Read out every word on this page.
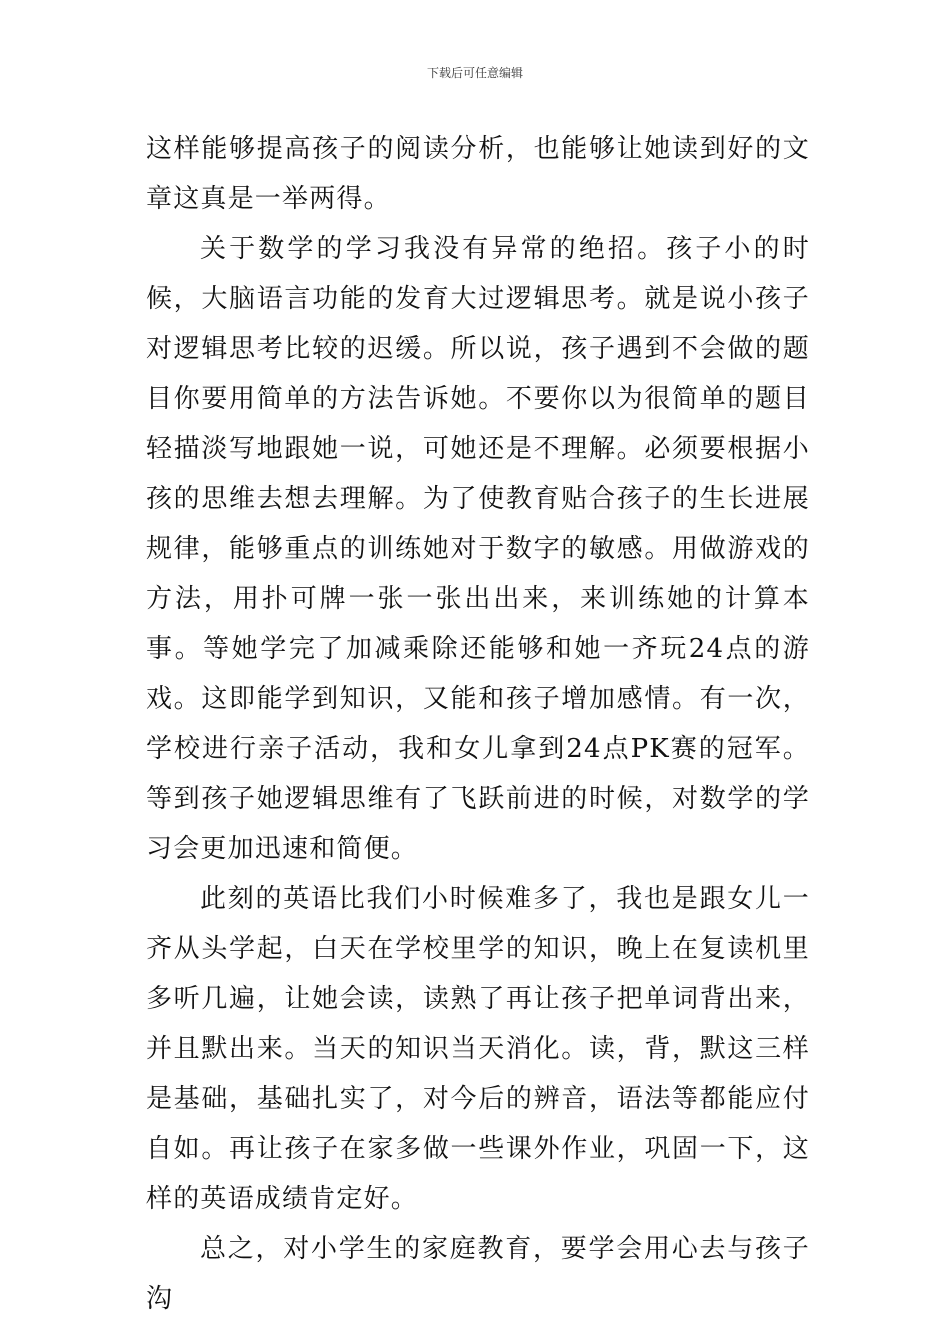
下载后可任意编辑

这样能够提高孩子的阅读分析，也能够让她读到好的文章这真是一举两得。

关于数学的学习我没有异常的绝招。孩子小的时候，大脑语言功能的发育大过逻辑思考。就是说小孩子对逻辑思考比较的迟缓。所以说，孩子遇到不会做的题目你要用简单的方法告诉她。不要你以为很简单的题目轻描淡写地跟她一说，可她还是不理解。必须要根据小孩的思维去想去理解。为了使教育贴合孩子的生长进展规律，能够重点的训练她对于数字的敏感。用做游戏的方法，用扑可牌一张一张出出来，来训练她的计算本事。等她学完了加减乘除还能够和她一齐玩24点的游戏。这即能学到知识，又能和孩子增加感情。有一次，学校进行亲子活动，我和女儿拿到24点PK赛的冠军。等到孩子她逻辑思维有了飞跃前进的时候，对数学的学习会更加迅速和简便。

此刻的英语比我们小时候难多了，我也是跟女儿一齐从头学起，白天在学校里学的知识，晚上在复读机里多听几遍，让她会读，读熟了再让孩子把单词背出来，并且默出来。当天的知识当天消化。读，背，默这三样是基础，基础扎实了，对今后的辨音，语法等都能应付自如。再让孩子在家多做一些课外作业，巩固一下，这样的英语成绩肯定好。

总之，对小学生的家庭教育，要学会用心去与孩子沟
